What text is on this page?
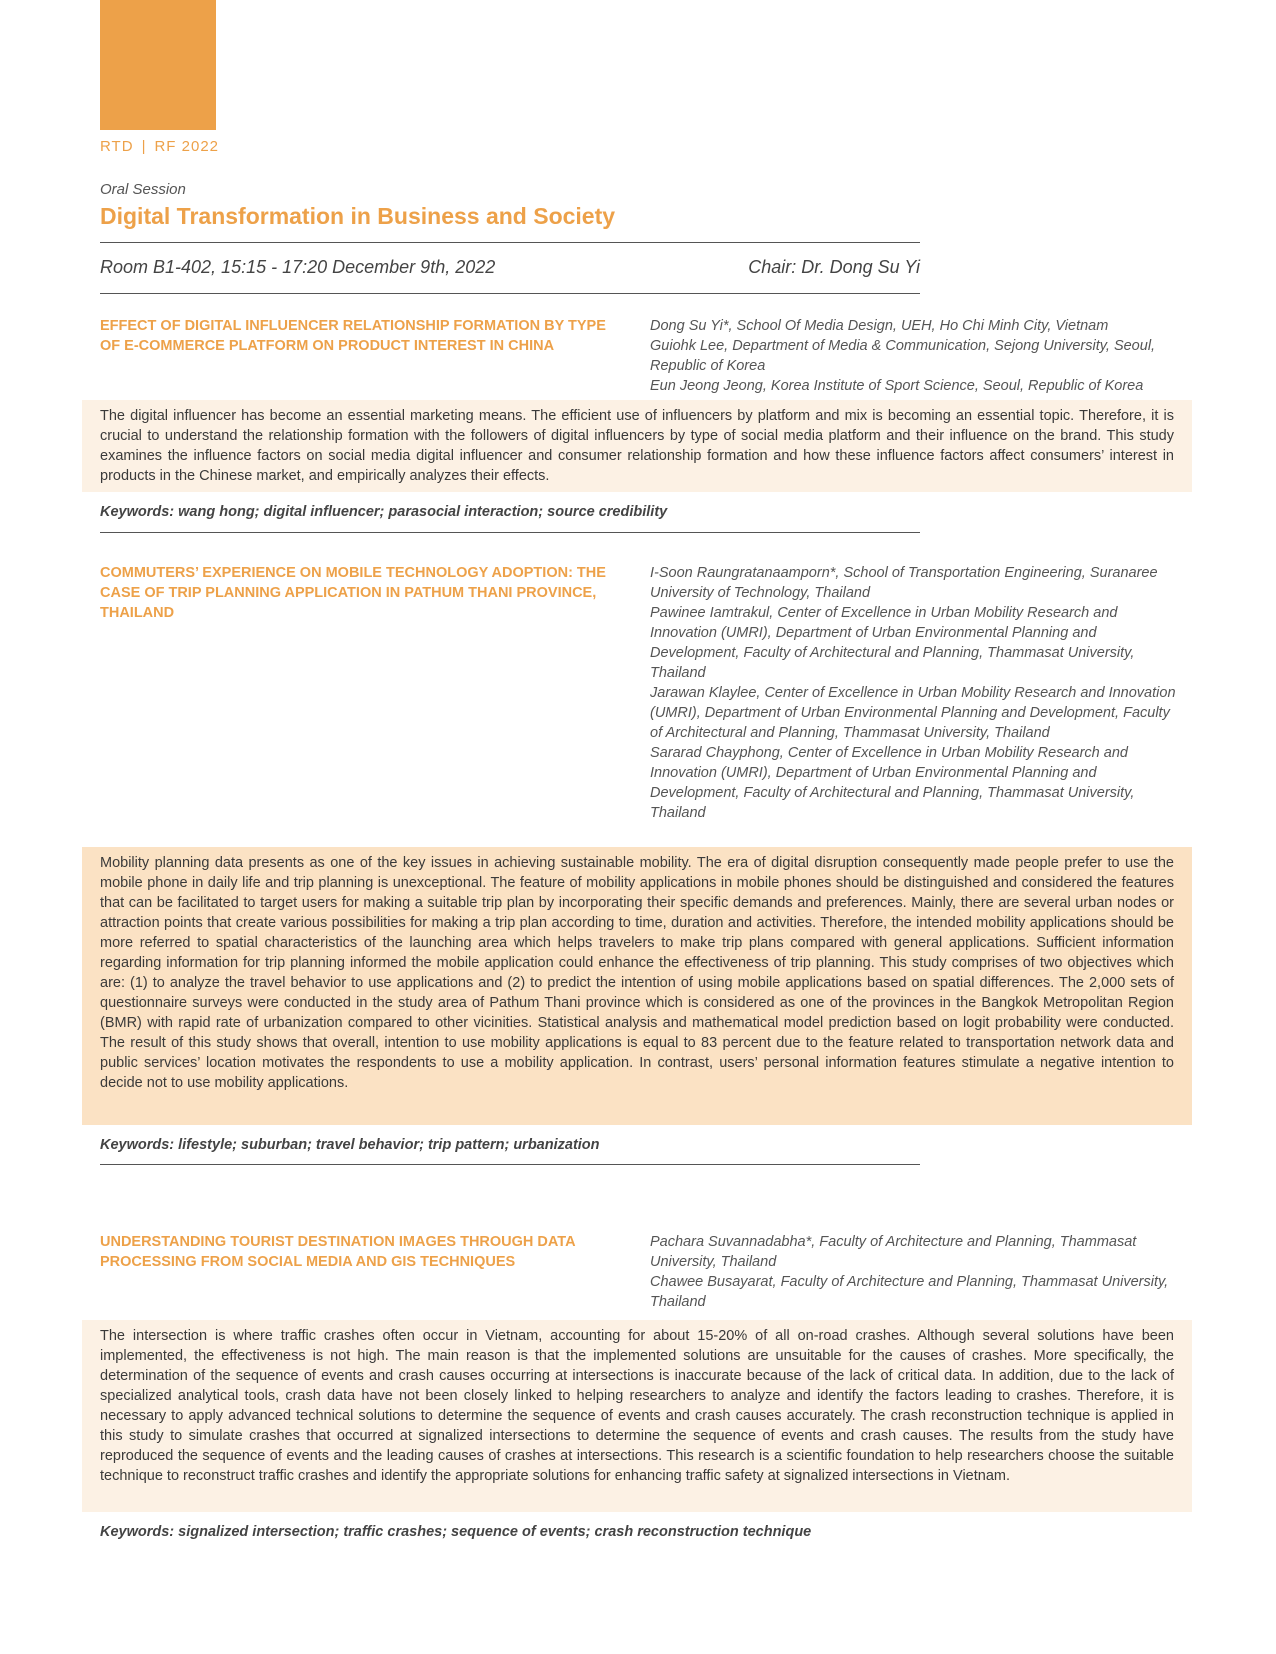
RTD | RF 2022
Oral Session
Digital Transformation in Business and Society
Room B1-402, 15:15 - 17:20 December 9th, 2022	Chair: Dr. Dong Su Yi
EFFECT OF DIGITAL INFLUENCER RELATIONSHIP FORMATION BY TYPE OF E-COMMERCE PLATFORM ON PRODUCT INTEREST IN CHINA
Dong Su Yi*, School Of Media Design, UEH, Ho Chi Minh City, Vietnam
Guiohk Lee, Department of Media & Communication, Sejong University, Seoul, Republic of Korea
Eun Jeong Jeong, Korea Institute of Sport Science, Seoul, Republic of Korea
The digital influencer has become an essential marketing means. The efficient use of influencers by platform and mix is becoming an essential topic. Therefore, it is crucial to understand the relationship formation with the followers of digital influencers by type of social media platform and their influence on the brand. This study examines the influence factors on social media digital influencer and consumer relationship formation and how these influence factors affect consumers’ interest in products in the Chinese market, and empirically analyzes their effects.
Keywords: wang hong; digital influencer; parasocial interaction; source credibility
COMMUTERS’ EXPERIENCE ON MOBILE TECHNOLOGY ADOPTION: THE CASE OF TRIP PLANNING APPLICATION IN PATHUM THANI PROVINCE, THAILAND
I-Soon Raungratanaamporn*, School of Transportation Engineering, Suranaree University of Technology, Thailand
Pawinee Iamtrakul, Center of Excellence in Urban Mobility Research and Innovation (UMRI), Department of Urban Environmental Planning and Development, Faculty of Architectural and Planning, Thammasat University, Thailand
Jarawan Klaylee, Center of Excellence in Urban Mobility Research and Innovation (UMRI), Department of Urban Environmental Planning and Development, Faculty of Architectural and Planning, Thammasat University, Thailand
Sararad Chayphong, Center of Excellence in Urban Mobility Research and Innovation (UMRI), Department of Urban Environmental Planning and Development, Faculty of Architectural and Planning, Thammasat University, Thailand
Mobility planning data presents as one of the key issues in achieving sustainable mobility. The era of digital disruption consequently made people prefer to use the mobile phone in daily life and trip planning is unexceptional. The feature of mobility applications in mobile phones should be distinguished and considered the features that can be facilitated to target users for making a suitable trip plan by incorporating their specific demands and preferences. Mainly, there are several urban nodes or attraction points that create various possibilities for making a trip plan according to time, duration and activities. Therefore, the intended mobility applications should be more referred to spatial characteristics of the launching area which helps travelers to make trip plans compared with general applications. Sufficient information regarding information for trip planning informed the mobile application could enhance the effectiveness of trip planning. This study comprises of two objectives which are: (1) to analyze the travel behavior to use applications and (2) to predict the intention of using mobile applications based on spatial differences. The 2,000 sets of questionnaire surveys were conducted in the study area of Pathum Thani province which is considered as one of the provinces in the Bangkok Metropolitan Region (BMR) with rapid rate of urbanization compared to other vicinities. Statistical analysis and mathematical model prediction based on logit probability were conducted. The result of this study shows that overall, intention to use mobility applications is equal to 83 percent due to the feature related to transportation network data and public services’ location motivates the respondents to use a mobility application. In contrast, users’ personal information features stimulate a negative intention to decide not to use mobility applications.
Keywords: lifestyle; suburban; travel behavior; trip pattern; urbanization
UNDERSTANDING TOURIST DESTINATION IMAGES THROUGH DATA PROCESSING FROM SOCIAL MEDIA AND GIS TECHNIQUES
Pachara Suvannadabha*, Faculty of Architecture and Planning, Thammasat University, Thailand
Chawee Busayarat, Faculty of Architecture and Planning, Thammasat University, Thailand
The intersection is where traffic crashes often occur in Vietnam, accounting for about 15-20% of all on-road crashes. Although several solutions have been implemented, the effectiveness is not high. The main reason is that the implemented solutions are unsuitable for the causes of crashes. More specifically, the determination of the sequence of events and crash causes occurring at intersections is inaccurate because of the lack of critical data. In addition, due to the lack of specialized analytical tools, crash data have not been closely linked to helping researchers to analyze and identify the factors leading to crashes. Therefore, it is necessary to apply advanced technical solutions to determine the sequence of events and crash causes accurately. The crash reconstruction technique is applied in this study to simulate crashes that occurred at signalized intersections to determine the sequence of events and crash causes. The results from the study have reproduced the sequence of events and the leading causes of crashes at intersections. This research is a scientific foundation to help researchers choose the suitable technique to reconstruct traffic crashes and identify the appropriate solutions for enhancing traffic safety at signalized intersections in Vietnam.
Keywords: signalized intersection; traffic crashes; sequence of events; crash reconstruction technique
